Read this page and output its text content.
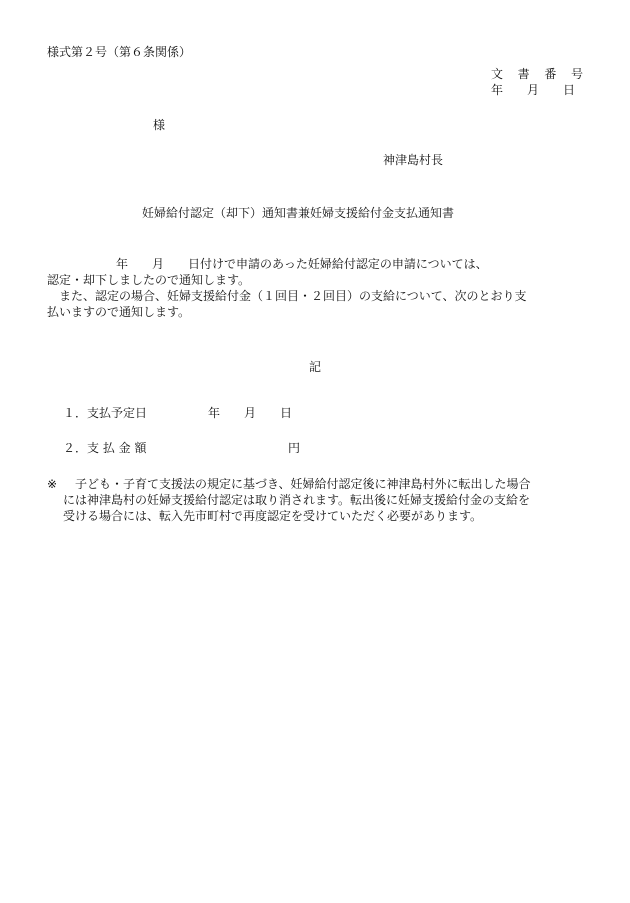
様式第２号（第６条関係）
文書番号
年　　月　　日
様
神津島村長
妊婦給付認定（却下）通知書兼妊婦支援給付金支払通知書
年　　月　　日付けで申請のあった妊婦給付認定の申請については、
認定・却下しましたので通知します。
　また、認定の場合、妊婦支援給付金（１回目・２回目）の支給について、次のとおり支
払いますので通知します。
記
１．支払予定日	年　　月　　日
２．支 払 金 額	円
※ 子ども・子育て支援法の規定に基づき、妊婦給付認定後に神津島村外に転出した場合
には神津島村の妊婦支援給付認定は取り消されます。転出後に妊婦支援給付金の支給を
受ける場合には、転入先市町村で再度認定を受けていただく必要があります。
